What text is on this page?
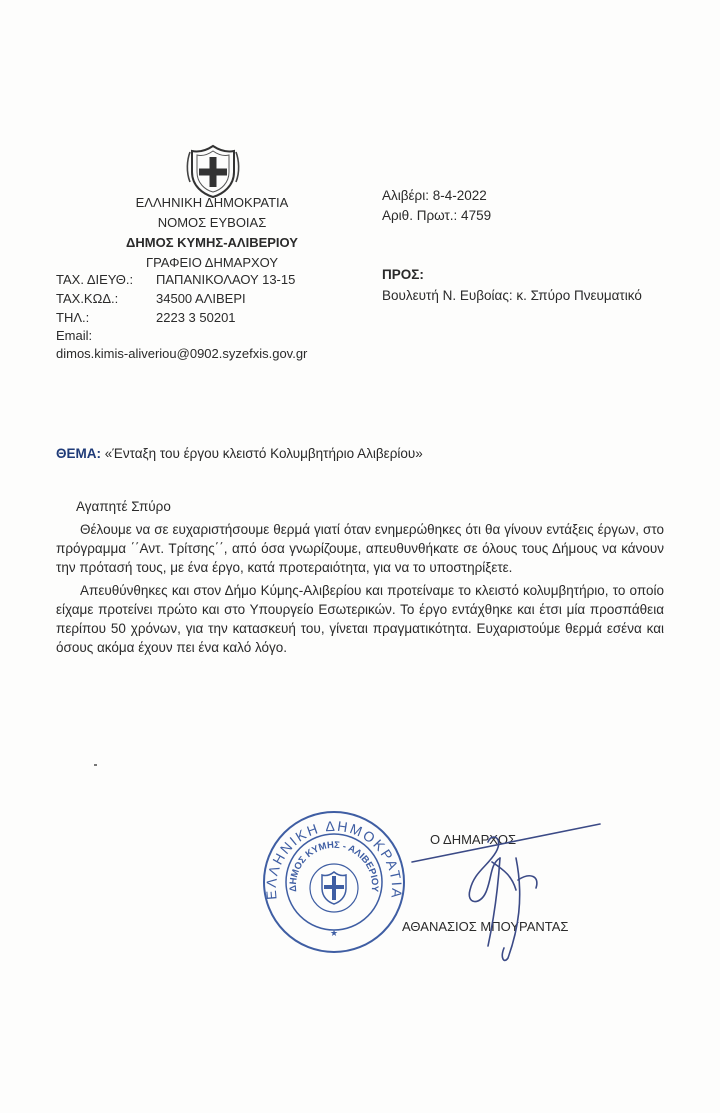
ΕΛΛΗΝΙΚΗ ΔΗΜΟΚΡΑΤΙΑ
ΝΟΜΟΣ ΕΥΒΟΙΑΣ
ΔΗΜΟΣ ΚΥΜΗΣ-ΑΛΙΒΕΡΙΟΥ
ΓΡΑΦΕΙΟ ΔΗΜΑΡΧΟΥ
ΤΑΧ. ΔΙΕΥΘ.: ΠΑΠΑΝΙΚΟΛΑΟΥ 13-15
ΤΑΧ.ΚΩΔ.:	34500 ΑΛΙΒΕΡΙ
ΤΗΛ.:	2223 3 50201
Email:
dimos.kimis-aliveriou@0902.syzefxis.gov.gr
Αλιβέρι: 8-4-2022
Αριθ. Πρωτ.: 4759
ΠΡΟΣ:
Βουλευτή Ν. Ευβοίας: κ. Σπύρο Πνευματικό
ΘΕΜΑ: «Ένταξη του έργου κλειστό Κολυμβητήριο Αλιβερίου»

Αγαπητέ Σπύρο

Θέλουμε να σε ευχαριστήσουμε θερμά γιατί όταν ενημερώθηκες ότι θα γίνουν εντάξεις έργων, στο πρόγραμμα ΄΄Αντ. Τρίτσης΄΄, από όσα γνωρίζουμε, απευθυνθήκατε σε όλους τους Δήμους να κάνουν την πρότασή τους, με ένα έργο, κατά προτεραιότητα, για να το υποστηρίξετε.

Απευθύνθηκες και στον Δήμο Κύμης-Αλιβερίου και προτείναμε το κλειστό κολυμβητήριο, το οποίο είχαμε προτείνει πρώτο και στο Υπουργείο Εσωτερικών. Το έργο εντάχθηκε και έτσι μία προσπάθεια περίπου 50 χρόνων, για την κατασκευή του, γίνεται πραγματικότητα. Ευχαριστούμε θερμά εσένα και όσους ακόμα έχουν πει ένα καλό λόγο.

ΕΛΛΗΝΙΚΗ ΔΗΜΟΚΡΑΤΙΑ
ΔΗΜΟΣ ΚΥΜΗΣ - ΑΛΙΒΕΡΙΟΥ
★
Ο ΔΗΜΑΡΧΟΣ
ΑΘΑΝΑΣΙΟΣ ΜΠΟΥΡΑΝΤΑΣ
